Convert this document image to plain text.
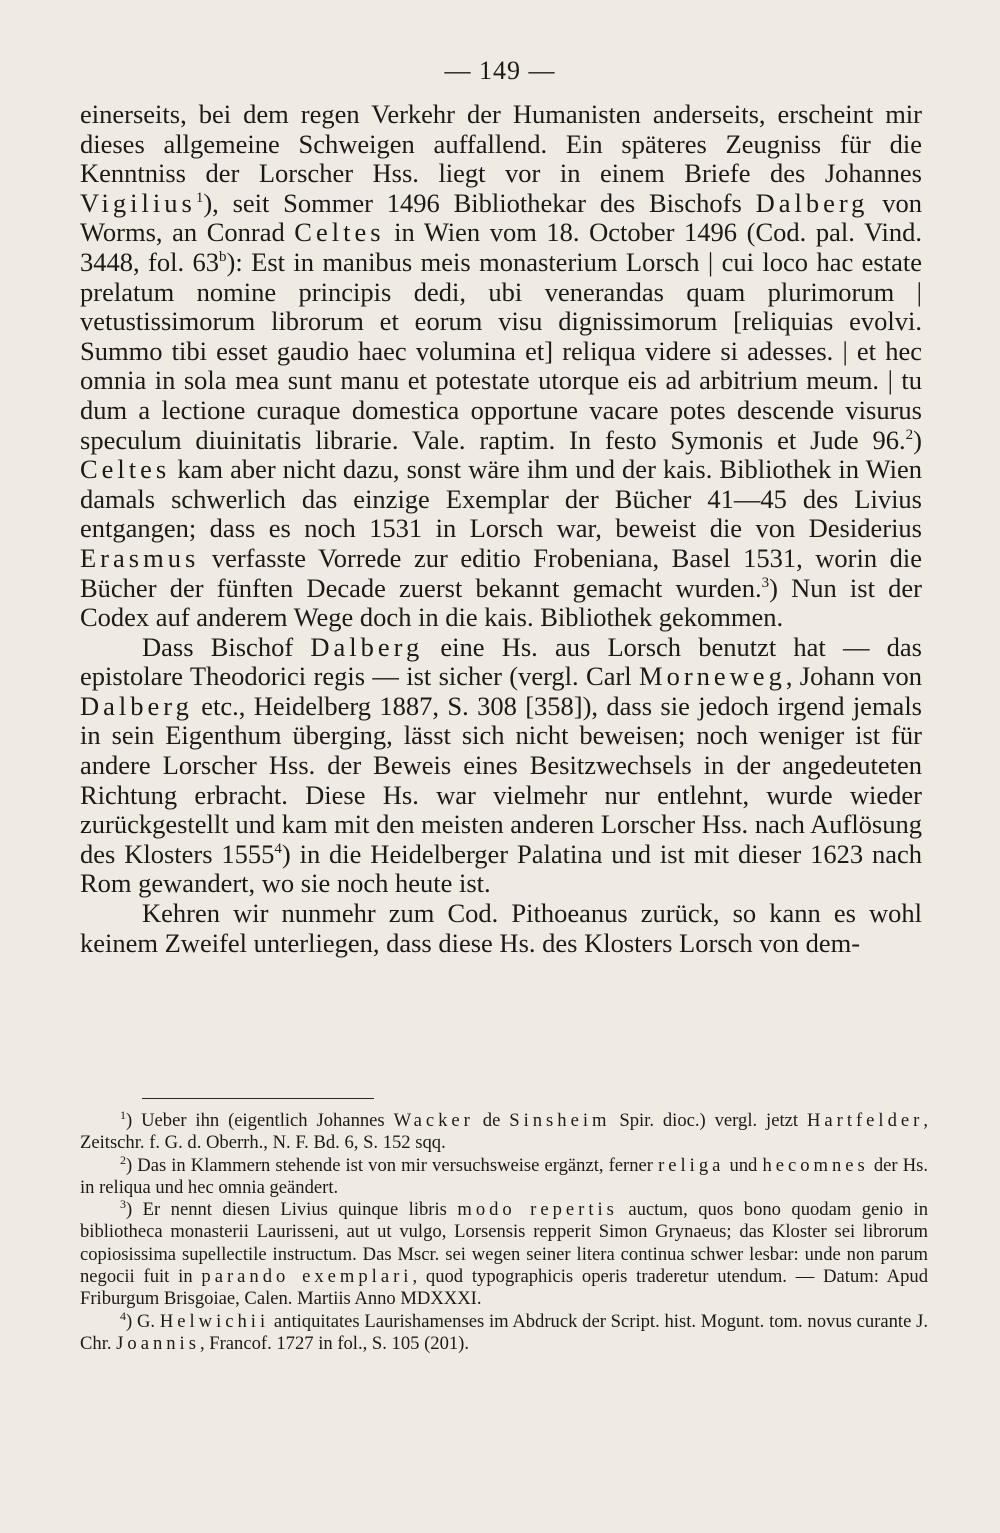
— 149 —

einerseits, bei dem regen Verkehr der Humanisten anderseits, erscheint mir dieses allgemeine Schweigen auffallend. Ein späteres Zeugniss für die Kenntniss der Lorscher Hss. liegt vor in einem Briefe des Johannes Vigilius$^1$), seit Sommer 1496 Bibliothekar des Bischofs Dalberg von Worms, an Conrad Celtes in Wien vom 18. October 1496 (Cod. pal. Vind. 3448, fol. 63$^b$): Est in manibus meis monasterium Lorsch | cui loco hac estate prelatum nomine principis dedi, ubi venerandas quam plurimorum | vetustissimorum librorum et eorum visu dignissimorum [reliquias evolvi. Summo tibi esset gaudio haec volumina et] reliqua videre si adesses. | et hec omnia in sola mea sunt manu et potestate utorque eis ad arbitrium meum. | tu dum a lectione curaque domestica opportune vacare potes descende visurus speculum diuinitatis librarie. Vale. raptim. In festo Symonis et Jude 96.$^2$) Celtes kam aber nicht dazu, sonst wäre ihm und der kais. Bibliothek in Wien damals schwerlich das einzige Exemplar der Bücher 41—45 des Livius entgangen; dass es noch 1531 in Lorsch war, beweist die von Desiderius Erasmus verfasste Vorrede zur editio Frobeniana, Basel 1531, worin die Bücher der fünften Decade zuerst bekannt gemacht wurden.$^3$) Nun ist der Codex auf anderem Wege doch in die kais. Bibliothek gekommen.

Dass Bischof Dalberg eine Hs. aus Lorsch benutzt hat — das epistolare Theodorici regis — ist sicher (vergl. Carl Morneweg, Johann von Dalberg etc., Heidelberg 1887, S. 308 [358]), dass sie jedoch irgend jemals in sein Eigenthum überging, lässt sich nicht beweisen; noch weniger ist für andere Lorscher Hss. der Beweis eines Besitzwechsels in der angedeuteten Richtung erbracht. Diese Hs. war vielmehr nur entlehnt, wurde wieder zurückgestellt und kam mit den meisten anderen Lorscher Hss. nach Auflösung des Klosters 1555$^4$) in die Heidelberger Palatina und ist mit dieser 1623 nach Rom gewandert, wo sie noch heute ist.

Kehren wir nunmehr zum Cod. Pithoeanus zurück, so kann es wohl keinem Zweifel unterliegen, dass diese Hs. des Klosters Lorsch von dem-

$^1$) Ueber ihn (eigentlich Johannes Wacker de Sinsheim Spir. dioc.) vergl. jetzt Hartfelder, Zeitschr. f. G. d. Oberrh., N. F. Bd. 6, S. 152 sqq.

$^2$) Das in Klammern stehende ist von mir versuchsweise ergänzt, ferner religa und hecomnes der Hs. in reliqua und hec omnia geändert.

$^3$) Er nennt diesen Livius quinque libris modo repertis auctum, quos bono quodam genio in bibliotheca monasterii Laurisseni, aut ut vulgo, Lorsensis repperit Simon Grynaeus; das Kloster sei librorum copiosissima supellectile instructum. Das Mscr. sei wegen seiner litera continua schwer lesbar: unde non parum negocii fuit in parando exemplari, quod typographicis operis traderetur utendum. — Datum: Apud Friburgum Brisgoiae, Calen. Martiis Anno MDXXXI.

$^4$) G. Helwichii antiquitates Laurishamenses im Abdruck der Script. hist. Mogunt. tom. novus curante J. Chr. Joannis, Francof. 1727 in fol., S. 105 (201).
